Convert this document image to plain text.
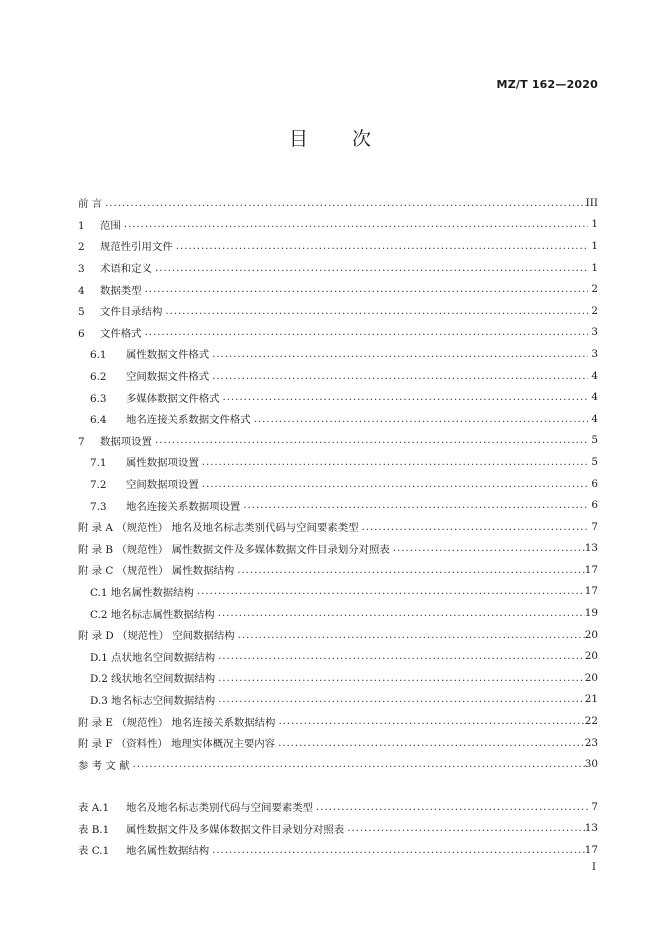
MZ/T 162—2020
目 次
前 言 . . .	III
1 范围 . . .	1
2 规范性引用文件 . . .	1
3 术语和定义 . . .	1
4 数据类型 . . .	2
5 文件目录结构 . . .	2
6 文件格式 . . .	3
6.1 属性数据文件格式 . . .	3
6.2 空间数据文件格式 . . .	4
6.3 多媒体数据文件格式 . . .	4
6.4 地名连接关系数据文件格式 . . .	4
7 数据项设置 . . .	5
7.1 属性数据项设置 . . .	5
7.2 空间数据项设置 . . .	6
7.3 地名连接关系数据项设置 . . .	6
附 录 A （规范性） 地名及地名标志类别代码与空间要素类型 . . .	7
附 录 B （规范性） 属性数据文件及多媒体数据文件目录划分对照表 . . .	13
附 录 C （规范性） 属性数据结构 . . .	17
C.1 地名属性数据结构 . . .	17
C.2 地名标志属性数据结构 . . .	19
附 录 D （规范性） 空间数据结构 . . .	20
D.1 点状地名空间数据结构 . . .	20
D.2 线状地名空间数据结构 . . .	20
D.3 地名标志空间数据结构 . . .	21
附 录 E （规范性） 地名连接关系数据结构 . . .	22
附 录 F （资料性） 地理实体概况主要内容 . . .	23
参 考 文 献 . . .	30
表 A.1 地名及地名标志类别代码与空间要素类型 . . .	7
表 B.1 属性数据文件及多媒体数据文件目录划分对照表 . . .	13
表 C.1 地名属性数据结构 . . .	17
I
